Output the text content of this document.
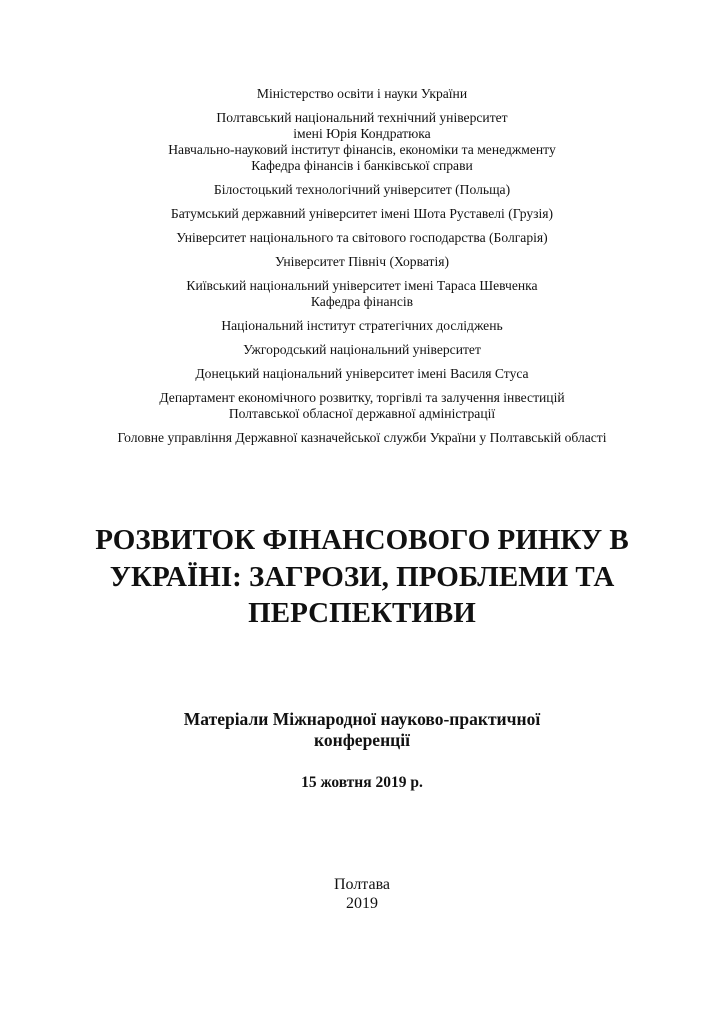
Міністерство освіти і науки України
Полтавський національний технічний університет
імені Юрія Кондратюка
Навчально-науковий інститут фінансів, економіки та менеджменту
Кафедра фінансів і банківської справи
Білостоцький технологічний університет (Польща)
Батумський державний університет імені Шота Руставелі (Грузія)
Університет національного та світового господарства (Болгарія)
Університет Північ (Хорватія)
Київський національний університет імені Тараса Шевченка
Кафедра фінансів
Національний інститут стратегічних досліджень
Ужгородський національний університет
Донецький національний університет імені Василя Стуса
Департамент економічного розвитку, торгівлі та залучення інвестицій
Полтавської обласної державної адміністрації
Головне управління Державної казначейської служби України у Полтавській області
РОЗВИТОК ФІНАНСОВОГО РИНКУ В
УКРАЇНІ: ЗАГРОЗИ, ПРОБЛЕМИ ТА
ПЕРСПЕКТИВИ
Матеріали Міжнародної науково-практичної
конференції
15 жовтня 2019 р.
Полтава
2019
